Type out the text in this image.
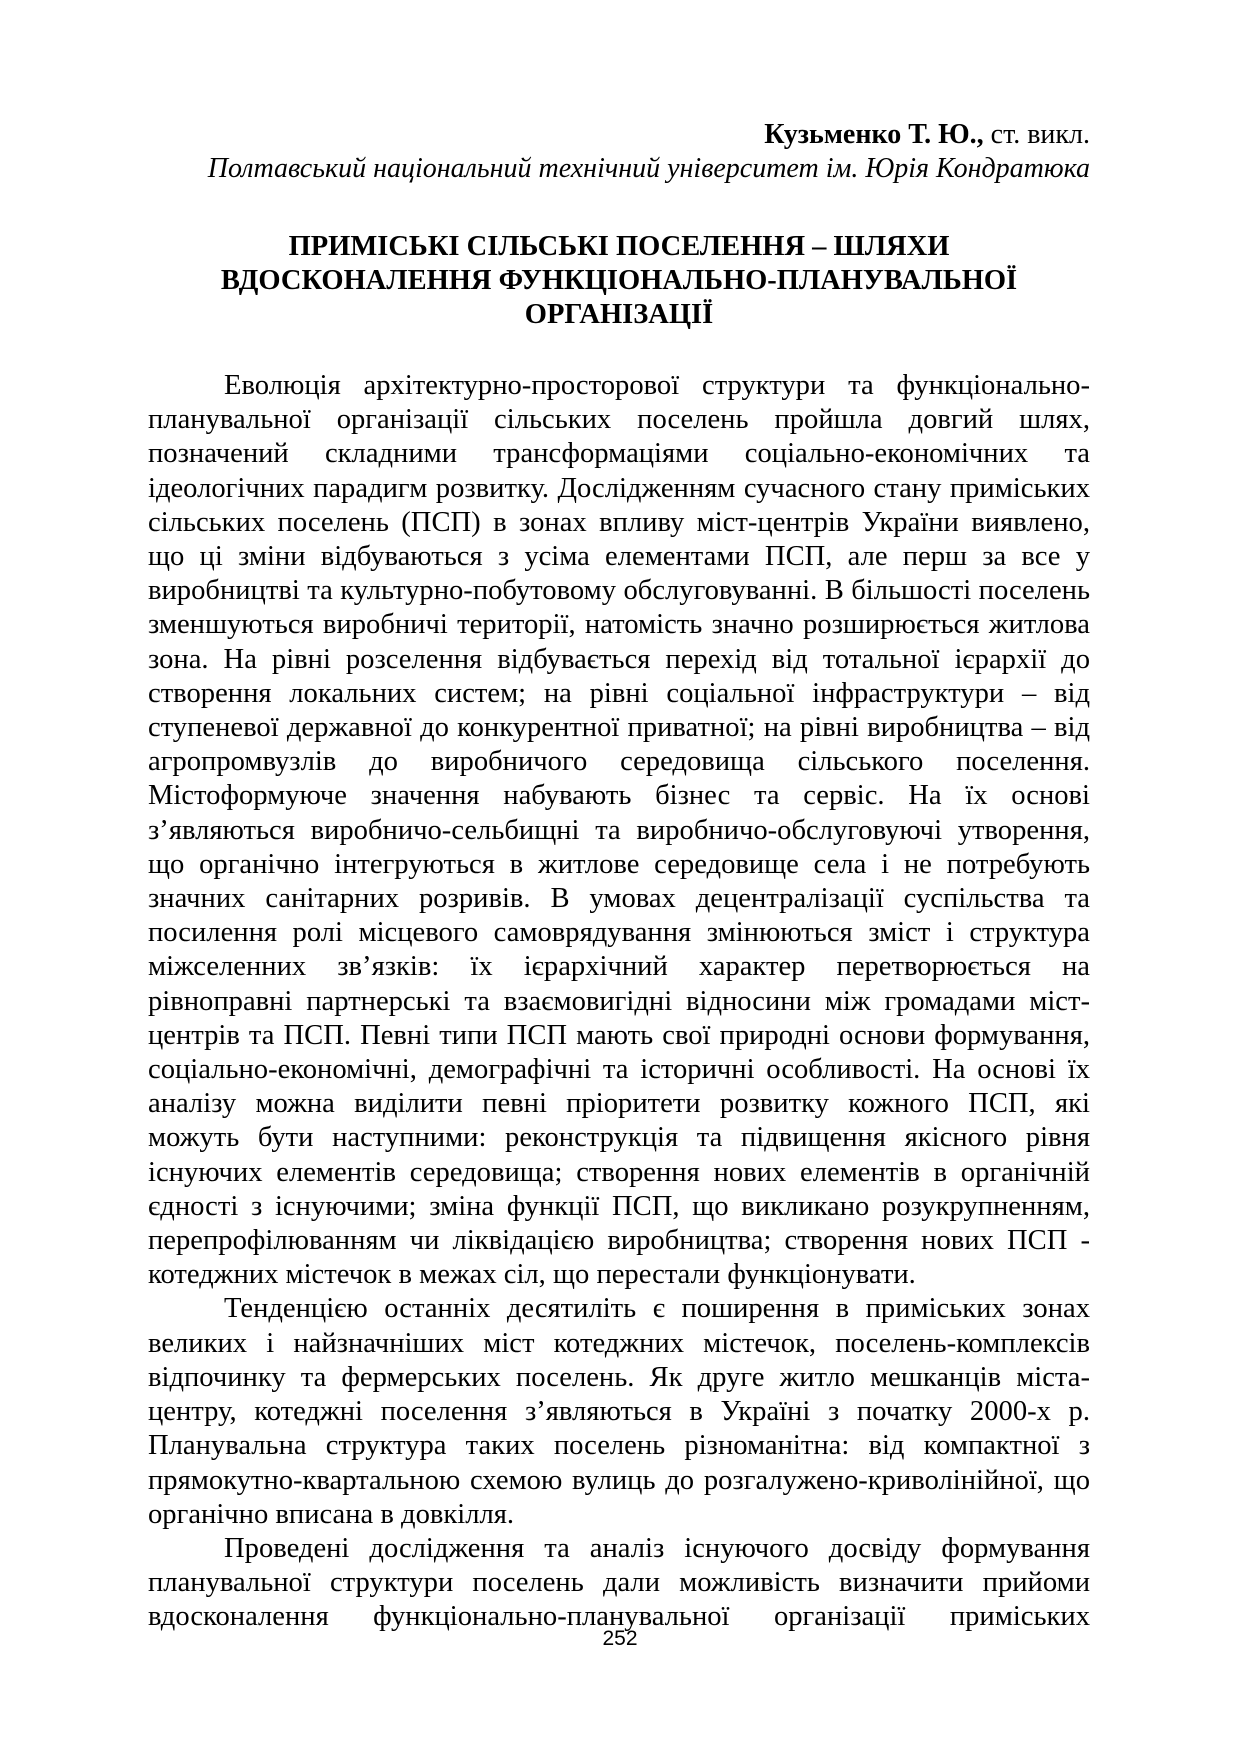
Кузьменко Т. Ю., ст. викл.

Полтавський національний технічний університет ім. Юрія Кондратюка

ПРИМІСЬКІ СІЛЬСЬКІ ПОСЕЛЕННЯ – ШЛЯХИ
ВДОСКОНАЛЕННЯ ФУНКЦІОНАЛЬНО-ПЛАНУВАЛЬНОЇ
ОРГАНІЗАЦІЇ

Еволюція архітектурно-просторової структури та функціонально-планувальної організації сільських поселень пройшла довгий шлях, позначений складними трансформаціями соціально-економічних та ідеологічних парадигм розвитку. Дослідженням сучасного стану приміських сільських поселень (ПСП) в зонах впливу міст-центрів України виявлено, що ці зміни відбуваються з усіма елементами ПСП, але перш за все у виробництві та культурно-побутовому обслуговуванні. В більшості поселень зменшуються виробничі території, натомість значно розширюється житлова зона. На рівні розселення відбувається перехід від тотальної ієрархії до створення локальних систем; на рівні соціальної інфраструктури – від ступеневої державної до конкурентної приватної; на рівні виробництва – від агропромвузлів до виробничого середовища сільського поселення. Містоформуюче значення набувають бізнес та сервіс. На їх основі з’являються виробничо-сельбищні та виробничо-обслуговуючі утворення, що органічно інтегруються в житлове середовище села і не потребують значних санітарних розривів. В умовах децентралізації суспільства та посилення ролі місцевого самоврядування змінюються зміст і структура міжселенних зв’язків: їх ієрархічний характер перетворюється на рівноправні партнерські та взаємовигідні відносини між громадами міст-центрів та ПСП. Певні типи ПСП мають свої природні основи формування, соціально-економічні, демографічні та історичні особливості. На основі їх аналізу можна виділити певні пріоритети розвитку кожного ПСП, які можуть бути наступними: реконструкція та підвищення якісного рівня існуючих елементів середовища; створення нових елементів в органічній єдності з існуючими; зміна функції ПСП, що викликано розукрупненням, перепрофілюванням чи ліквідацією виробництва; створення нових ПСП - котеджних містечок в межах сіл, що перестали функціонувати.

Тенденцією останніх десятиліть є поширення в приміських зонах великих і найзначніших міст котеджних містечок, поселень-комплексів відпочинку та фермерських поселень. Як друге житло мешканців міста-центру, котеджні поселення з’являються в Україні з початку 2000-х р. Планувальна структура таких поселень різноманітна: від компактної з прямокутно-квартальною схемою вулиць до розгалужено-криволінійної, що органічно вписана в довкілля.

Проведені дослідження та аналіз існуючого досвіду формування планувальної структури поселень дали можливість визначити прийоми вдосконалення функціонально-планувальної організації приміських

252
